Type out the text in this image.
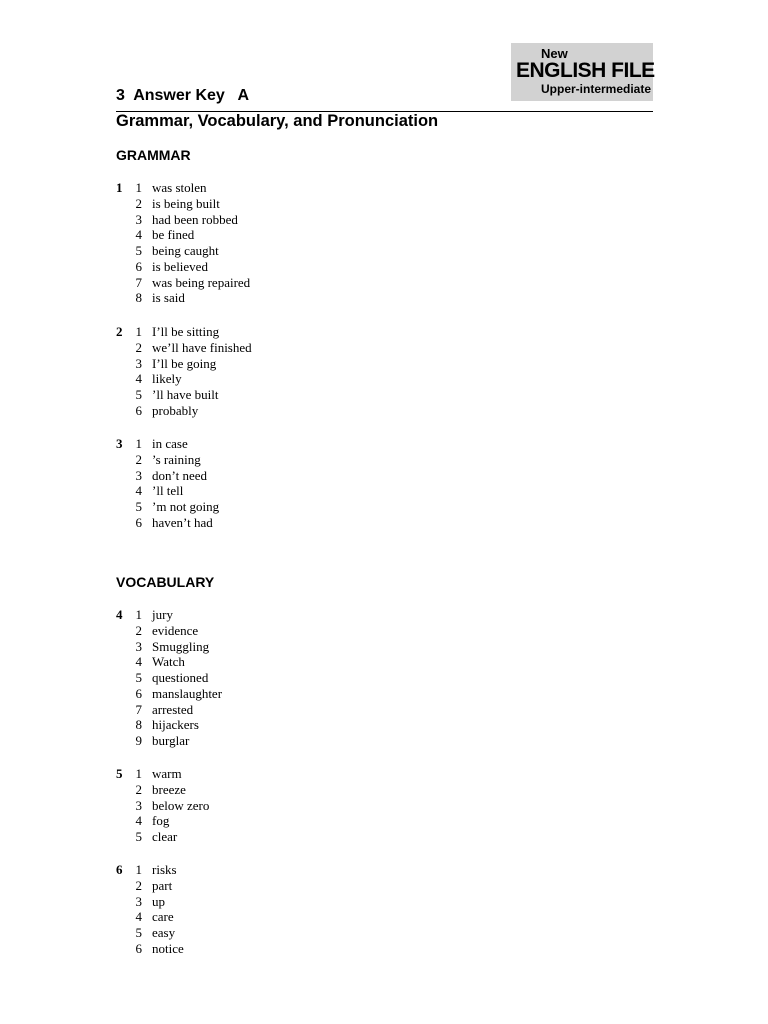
New
ENGLISH FILE
Upper-intermediate
3  Answer Key   A
Grammar, Vocabulary, and Pronunciation
GRAMMAR
1 1 was stolen
2 is being built
3 had been robbed
4 be fined
5 being caught
6 is believed
7 was being repaired
8 is said
2 1 I’ll be sitting
2 we’ll have finished
3 I’ll be going
4 likely
5 ’ll have built
6 probably
3 1 in case
2 ’s raining
3 don’t need
4 ’ll tell
5 ’m not going
6 haven’t had
VOCABULARY
4 1 jury
2 evidence
3 Smuggling
4 Watch
5 questioned
6 manslaughter
7 arrested
8 hijackers
9 burglar
5 1 warm
2 breeze
3 below zero
4 fog
5 clear
6 1 risks
2 part
3 up
4 care
5 easy
6 notice
